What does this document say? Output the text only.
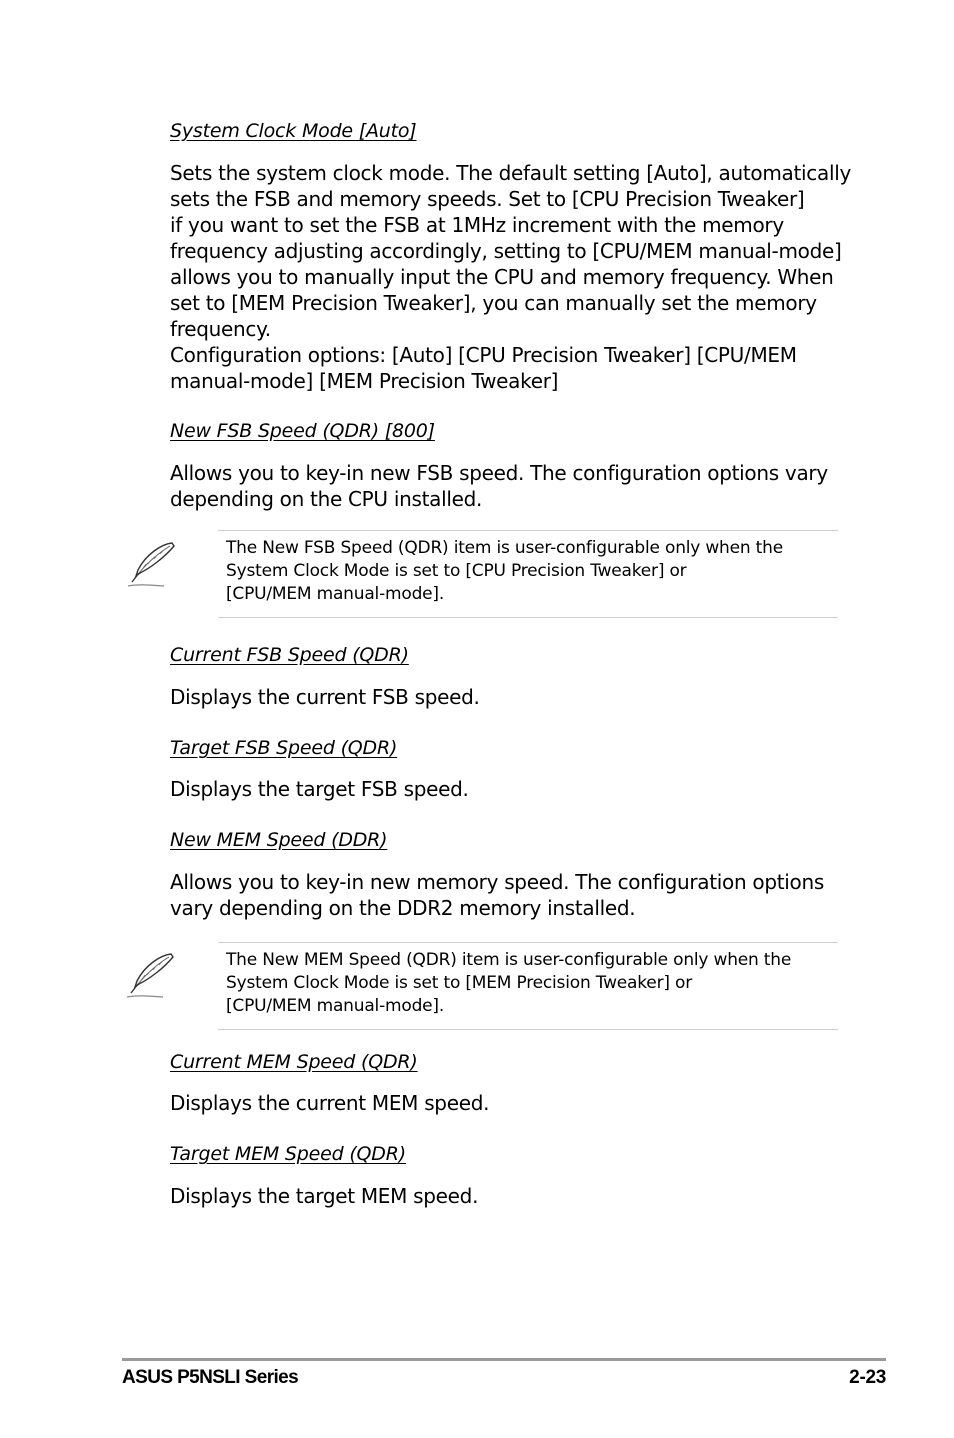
System Clock Mode [Auto]
Sets the system clock mode. The default setting [Auto], automatically
sets the FSB and memory speeds. Set to [CPU Precision Tweaker]
if you want to set the FSB at 1MHz increment with the memory
frequency adjusting accordingly, setting to [CPU/MEM manual-mode]
allows you to manually input the CPU and memory frequency. When
set to [MEM Precision Tweaker], you can manually set the memory
frequency.
Configuration options: [Auto] [CPU Precision Tweaker] [CPU/MEM
manual-mode] [MEM Precision Tweaker]
New FSB Speed (QDR) [800]
Allows you to key-in new FSB speed. The configuration options vary
depending on the CPU installed.
The New FSB Speed (QDR) item is user-configurable only when the
System Clock Mode is set to [CPU Precision Tweaker] or
[CPU/MEM manual-mode].
Current FSB Speed (QDR)
Displays the current FSB speed.
Target FSB Speed (QDR)
Displays the target FSB speed.
New MEM Speed (DDR)
Allows you to key-in new memory speed. The configuration options
vary depending on the DDR2 memory installed.
The New MEM Speed (QDR) item is user-configurable only when the
System Clock Mode is set to [MEM Precision Tweaker] or
[CPU/MEM manual-mode].
Current MEM Speed (QDR)
Displays the current MEM speed.
Target MEM Speed (QDR)
Displays the target MEM speed.
ASUS P5NSLI Series	2-23
